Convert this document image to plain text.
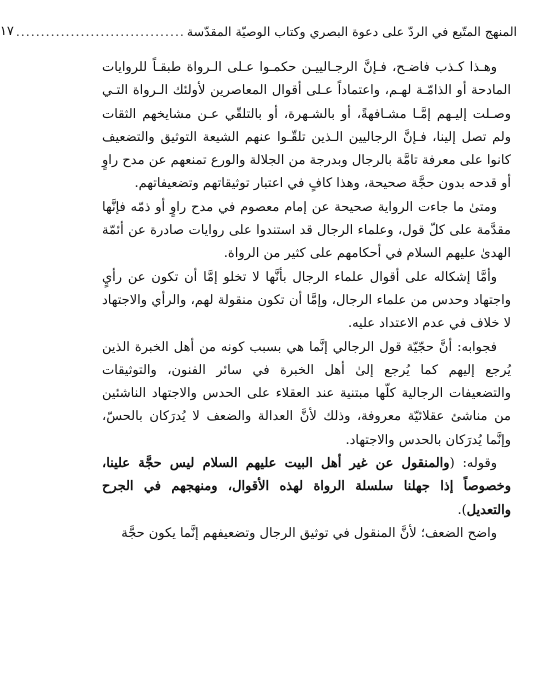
المنهج المتّبع في الردّ على دعوة البصري وكتاب الوصيّة المقدّسة
..................................
١٧

وهـذا كـذب فاضـح، فـإنَّ الرجـالييـن حكمـوا عـلى الـرواة طبقـاً للروايات المادحة أو الذامّـة لهـم، واعتماداً عـلى أقوال المعاصرين لأولئك الـرواة التـي وصـلت إليـهم إمَّـا مشـافهةً، أو بالشـهرة، أو بالتلقّي عـن مشايخهم الثقات ولم تصل إلينا، فـإنَّ الرجاليين الـذين تلقّـوا عنهم الشيعة التوثيق والتضعيف كانوا على معرفة تامَّة بالرجال وبدرجة من الجلالة والورع تمنعهم عن مدح راوٍ أو قدحه بدون حجَّة صحيحة، وهذا كافٍ في اعتبار توثيقاتهم وتضعيفاتهم.

ومتىٰ ما جاءت الرواية صحيحة عن إمام معصوم في مدح راوٍ أو ذمّه فإنَّها مقدَّمة على كلّ قول، وعلماء الرجال قد استندوا على روايات صادرة عن أئمّة الهدىٰ عليهم السلام في أحكامهم على كثير من الرواة.

وأمَّا إشكاله على أقوال علماء الرجال بأنَّها لا تخلو إمَّا أن تكون عن رأيٍ واجتهاد وحدس من علماء الرجال، وإمَّا أن تكون منقولة لهم، والرأي والاجتهاد لا خلاف في عدم الاعتداد عليه.

فجوابه: أنَّ حجّيّة قول الرجالي إنَّما هي بسبب كونه من أهل الخبرة الذين يُرجع إليهم كما يُرجع إلىٰ أهل الخبرة في سائر الفنون، والتوثيقات والتضعيفات الرجالية كلّها مبتنية عند العقلاء على الحدس والاجتهاد الناشئين من مناشئ عقلائيّة معروفة، وذلك لأنَّ العدالة والضعف لا يُدرَكان بالحسّ، وإنَّما يُدرَكان بالحدس والاجتهاد.

وقوله: (والمنقول عن غير أهل البيت عليهم السلام ليس حجَّة علينا، وخصوصاً إذا جهلنا سلسلة الرواة لهذه الأقوال، ومنهجهم في الجرح والتعديل).

واضح الضعف؛ لأنَّ المنقول في توثيق الرجال وتضعيفهم إنَّما يكون حجَّة
